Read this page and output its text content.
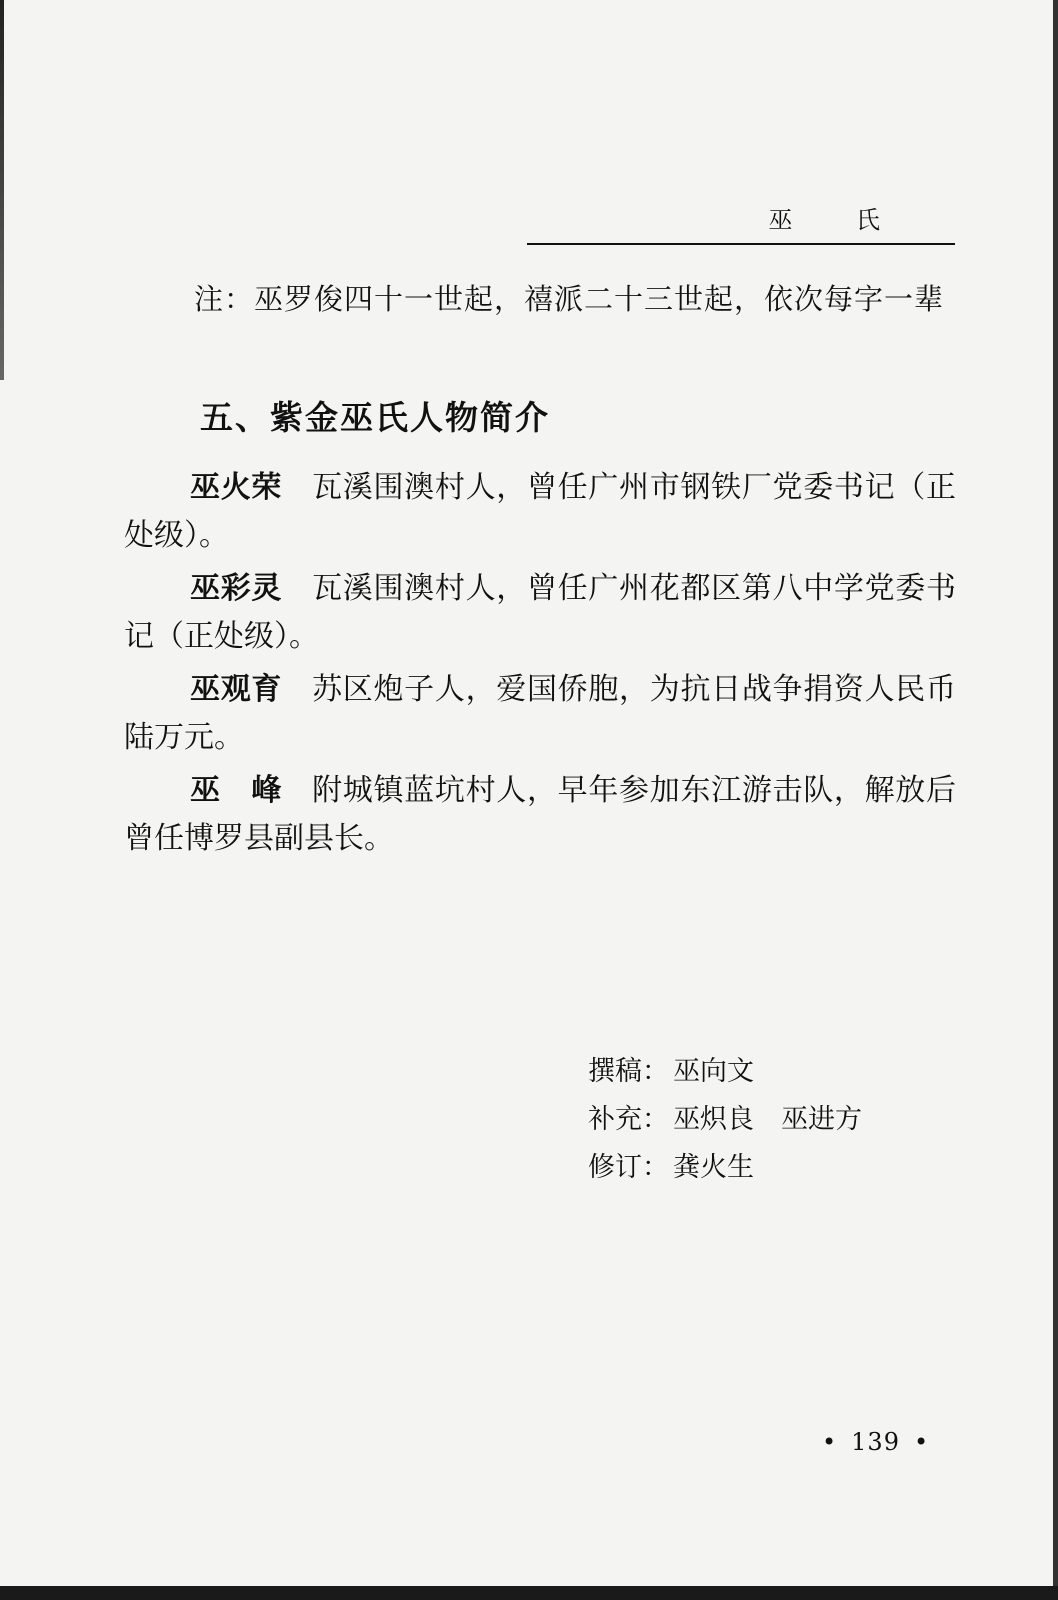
巫 氏
注：巫罗俊四十一世起，禧派二十三世起，依次每字一辈
五、紫金巫氏人物简介

巫火荣 瓦溪围澳村人，曾任广州市钢铁厂党委书记（正处级）。

巫彩灵 瓦溪围澳村人，曾任广州花都区第八中学党委书记（正处级）。

巫观育 苏区炮子人，爱国侨胞，为抗日战争捐资人民币陆万元。

巫　峰 附城镇蓝坑村人，早年参加东江游击队，解放后曾任博罗县副县长。

撰稿： 巫向文
补充： 巫炽良　巫进方
修订： 龚火生
• 139 •
